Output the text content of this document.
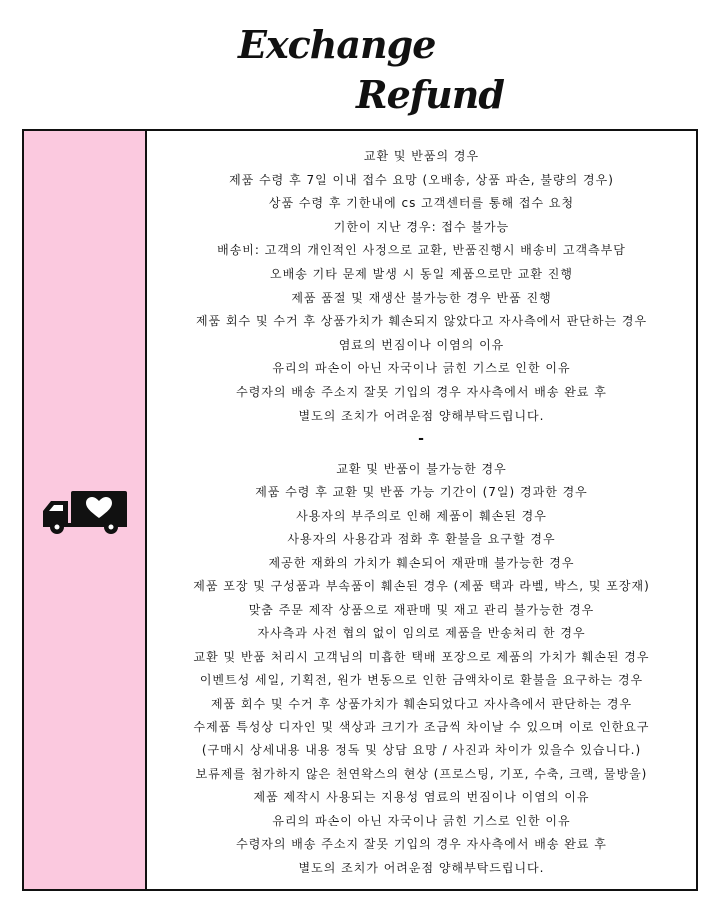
Exchange
Refund
교환 및 반품의 경우
제품 수령 후 7일 이내 접수 요망 (오배송, 상품 파손, 불량의 경우)
상품 수령 후 기한내에 cs 고객센터를 통해 접수 요청
기한이 지난 경우: 접수 불가능
배송비: 고객의 개인적인 사정으로 교환, 반품진행시 배송비 고객측부담
오배송 기타 문제 발생 시 동일 제품으로만 교환 진행
제품 품절 및 재생산 불가능한 경우 반품 진행
제품 회수 및 수거 후 상품가치가 훼손되지 않았다고 자사측에서 판단하는 경우
염료의 번짐이나 이염의 이유
유리의 파손이 아닌 자국이나 긁힌 기스로 인한 이유
수령자의 배송 주소지 잘못 기입의 경우 자사측에서 배송 완료 후
별도의 조치가 어려운점 양해부탁드립니다.
-
교환 및 반품이 불가능한 경우
제품 수령 후 교환 및 반품 가능 기간이 (7일) 경과한 경우
사용자의 부주의로 인해 제품이 훼손된 경우
사용자의 사용감과 점화 후 환불을 요구할 경우
제공한 재화의 가치가 훼손되어 재판매 불가능한 경우
제품 포장 및 구성품과 부속품이 훼손된 경우 (제품 택과 라벨, 박스, 및 포장재)
맞춤 주문 제작 상품으로 재판매 및 재고 관리 불가능한 경우
자사측과 사전 협의 없이 임의로 제품을 반송처리 한 경우
교환 및 반품 처리시 고객님의 미흡한 택배 포장으로 제품의 가치가 훼손된 경우
이벤트성 세일, 기획전, 원가 변동으로 인한 금액차이로 환불을 요구하는 경우
제품 회수 및 수거 후 상품가치가 훼손되었다고 자사측에서 판단하는 경우
수제품 특성상 디자인 및 색상과 크기가 조금씩 차이날 수 있으며 이로 인한요구
(구매시 상세내용 내용 정독 및 상담 요망 / 사진과 차이가 있을수 있습니다.)
보류제를 첨가하지 않은 천연왁스의 현상 (프로스팅, 기포, 수축, 크랙, 물방울)
제품 제작시 사용되는 지용성 염료의 번짐이나 이염의 이유
유리의 파손이 아닌 자국이나 긁힌 기스로 인한 이유
수령자의 배송 주소지 잘못 기입의 경우 자사측에서 배송 완료 후
별도의 조치가 어려운점 양해부탁드립니다.
